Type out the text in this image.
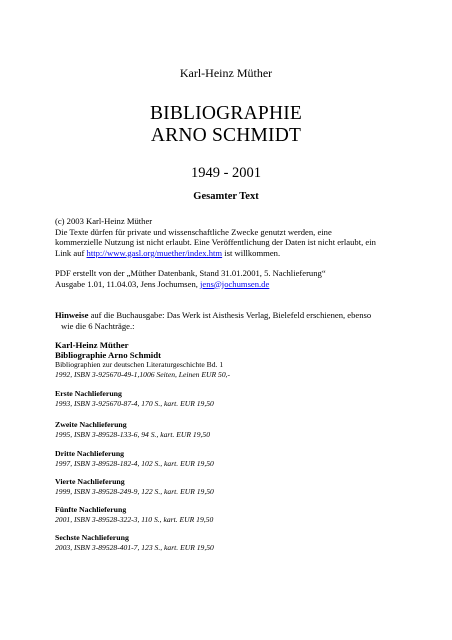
Karl-Heinz Müther
BIBLIOGRAPHIE
ARNO SCHMIDT
1949 - 2001
Gesamter Text

(c) 2003 Karl-Heinz Müther

Die Texte dürfen für private und wissenschaftliche Zwecke genutzt werden, eine

kommerzielle Nutzung ist nicht erlaubt. Eine Veröffentlichung der Daten ist nicht erlaubt, ein

Link auf http://www.gasl.org/muether/index.htm ist willkommen.

PDF erstellt von der „Müther Datenbank, Stand 31.01.2001, 5. Nachlieferung“

Ausgabe 1.01, 11.04.03, Jens Jochumsen, jens@jochumsen.de

Hinweise auf die Buchausgabe: Das Werk ist Aisthesis Verlag, Bielefeld erschienen, ebenso

wie die 6 Nachträge.:

Karl-Heinz Müther
Bibliographie Arno Schmidt
Bibliographien zur deutschen Literaturgeschichte Bd. 1
1992, ISBN 3-925670-49-1,1006 Seiten, Leinen EUR 50,-
Erste Nachlieferung
1993, ISBN 3-925670-87-4, 170 S., kart. EUR 19,50
Zweite Nachlieferung
1995, ISBN 3-89528-133-6, 94 S., kart. EUR 19,50
Dritte Nachlieferung
1997, ISBN 3-89528-182-4, 102 S., kart. EUR 19,50
Vierte Nachlieferung
1999, ISBN 3-89528-249-9, 122 S., kart. EUR 19,50
Fünfte Nachlieferung
2001, ISBN 3-89528-322-3, 110 S., kart. EUR 19,50
Sechste Nachlieferung
2003, ISBN 3-89528-401-7, 123 S., kart. EUR 19,50
